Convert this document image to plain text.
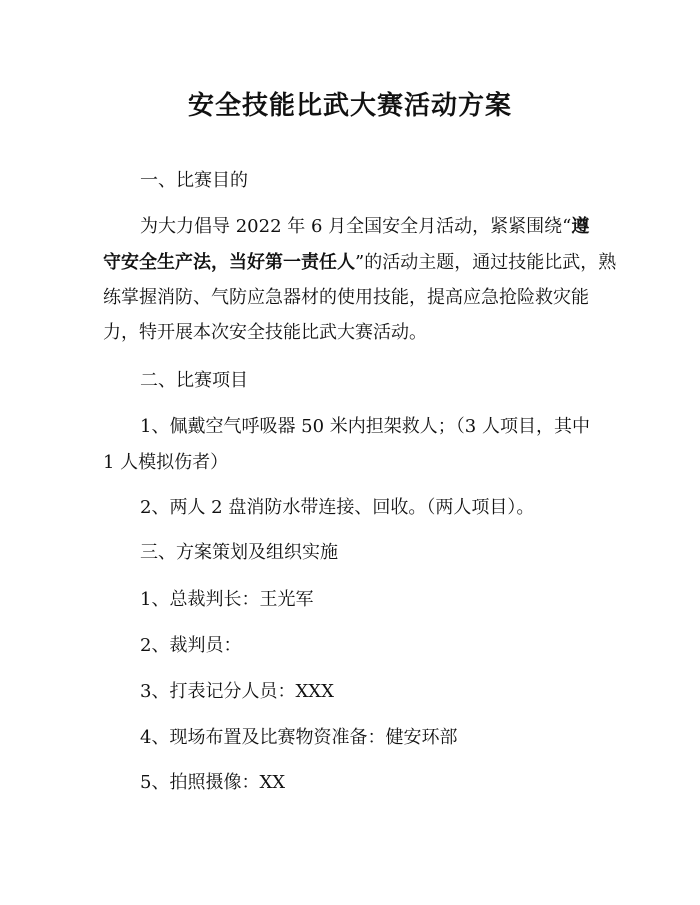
安全技能比武大赛活动方案
一、比赛目的
为大力倡导 2022 年 6 月全国安全月活动，紧紧围绕“遵
守安全生产法，当好第一责任人”的活动主题，通过技能比武，熟
练掌握消防、气防应急器材的使用技能，提高应急抢险救灾能
力，特开展本次安全技能比武大赛活动。
二、比赛项目
1、佩戴空气呼吸器 50 米内担架救人；（3 人项目，其中
1 人模拟伤者）
2、两人 2 盘消防水带连接、回收。（两人项目）。
三、方案策划及组织实施
1、总裁判长：王光军
2、裁判员：
3、打表记分人员：XXX
4、现场布置及比赛物资准备：健安环部
5、拍照摄像：XX
